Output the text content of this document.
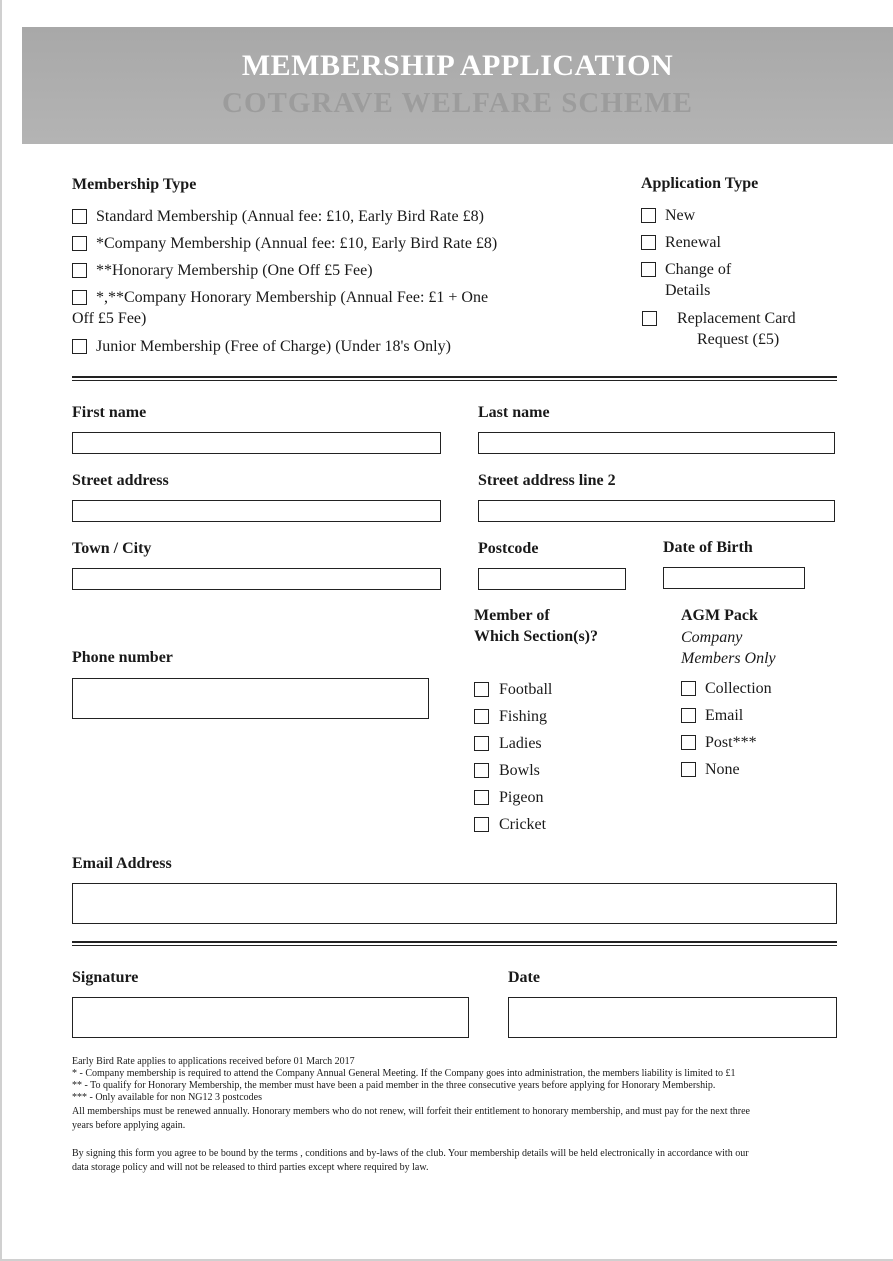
MEMBERSHIP APPLICATION
COTGRAVE WELFARE SCHEME
Membership Type
Standard Membership (Annual fee: £10, Early Bird Rate £8)
*Company Membership (Annual fee: £10, Early Bird Rate £8)
**Honorary Membership (One Off £5 Fee)
*,**Company Honorary Membership (Annual Fee: £1 + One
Off £5 Fee)
Junior Membership (Free of Charge) (Under 18's Only)
Application Type
New
Renewal
Change of
Details
Replacement Card
Request (£5)
First name	Last name
Street address	Street address line 2
Town / City	Postcode	Date of Birth
Phone number
Member of
Which Section(s)?
Football
Fishing
Ladies
Bowls
Pigeon
Cricket
AGM Pack
Company
Members Only
Collection
Email
Post***
None
Email Address
Signature	Date
Early Bird Rate applies to applications received before 01 March 2017
* - Company membership is required to attend the Company Annual General Meeting. If the Company goes into administration, the members liability is limited to £1
** - To qualify for Honorary Membership, the member must have been a paid member in the three consecutive years before applying for Honorary Membership.
*** - Only available for non NG12 3 postcodes
All memberships must be renewed annually. Honorary members who do not renew, will forfeit their entitlement to honorary membership, and must pay for the next three
years before applying again.
By signing this form you agree to be bound by the terms , conditions and by-laws of the club. Your membership details will be held electronically in accordance with our
data storage policy and will not be released to third parties except where required by law.
